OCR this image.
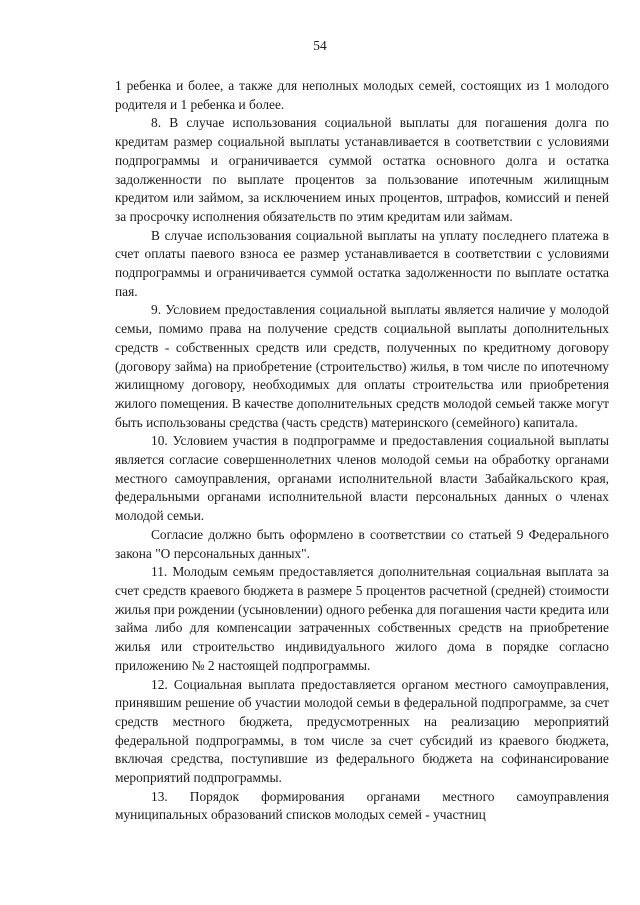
54

1 ребенка и более, а также для неполных молодых семей, состоящих из 1 молодого родителя и 1 ребенка и более.

8. В случае использования социальной выплаты для погашения долга по кредитам размер социальной выплаты устанавливается в соответствии с условиями подпрограммы и ограничивается суммой остатка основного долга и остатка задолженности по выплате процентов за пользование ипотечным жилищным кредитом или займом, за исключением иных процентов, штрафов, комиссий и пеней за просрочку исполнения обязательств по этим кредитам или займам.

В случае использования социальной выплаты на уплату последнего платежа в счет оплаты паевого взноса ее размер устанавливается в соответствии с условиями подпрограммы и ограничивается суммой остатка задолженности по выплате остатка пая.

9. Условием предоставления социальной выплаты является наличие у молодой семьи, помимо права на получение средств социальной выплаты дополнительных средств - собственных средств или средств, полученных по кредитному договору (договору займа) на приобретение (строительство) жилья, в том числе по ипотечному жилищному договору, необходимых для оплаты строительства или приобретения жилого помещения. В качестве дополнительных средств молодой семьей также могут быть использованы средства (часть средств) материнского (семейного) капитала.

10. Условием участия в подпрограмме и предоставления социальной выплаты является согласие совершеннолетних членов молодой семьи на обработку органами местного самоуправления, органами исполнительной власти Забайкальского края, федеральными органами исполнительной власти персональных данных о членах молодой семьи.

Согласие должно быть оформлено в соответствии со статьей 9 Федерального закона "О персональных данных".

11. Молодым семьям предоставляется дополнительная социальная выплата за счет средств краевого бюджета в размере 5 процентов расчетной (средней) стоимости жилья при рождении (усыновлении) одного ребенка для погашения части кредита или займа либо для компенсации затраченных собственных средств на приобретение жилья или строительство индивидуального жилого дома в порядке согласно приложению № 2 настоящей подпрограммы.

12. Социальная выплата предоставляется органом местного самоуправления, принявшим решение об участии молодой семьи в федеральной подпрограмме, за счет средств местного бюджета, предусмотренных на реализацию мероприятий федеральной подпрограммы, в том числе за счет субсидий из краевого бюджета, включая средства, поступившие из федерального бюджета на софинансирование мероприятий подпрограммы.

13. Порядок формирования органами местного самоуправления муниципальных образований списков молодых семей - участниц
